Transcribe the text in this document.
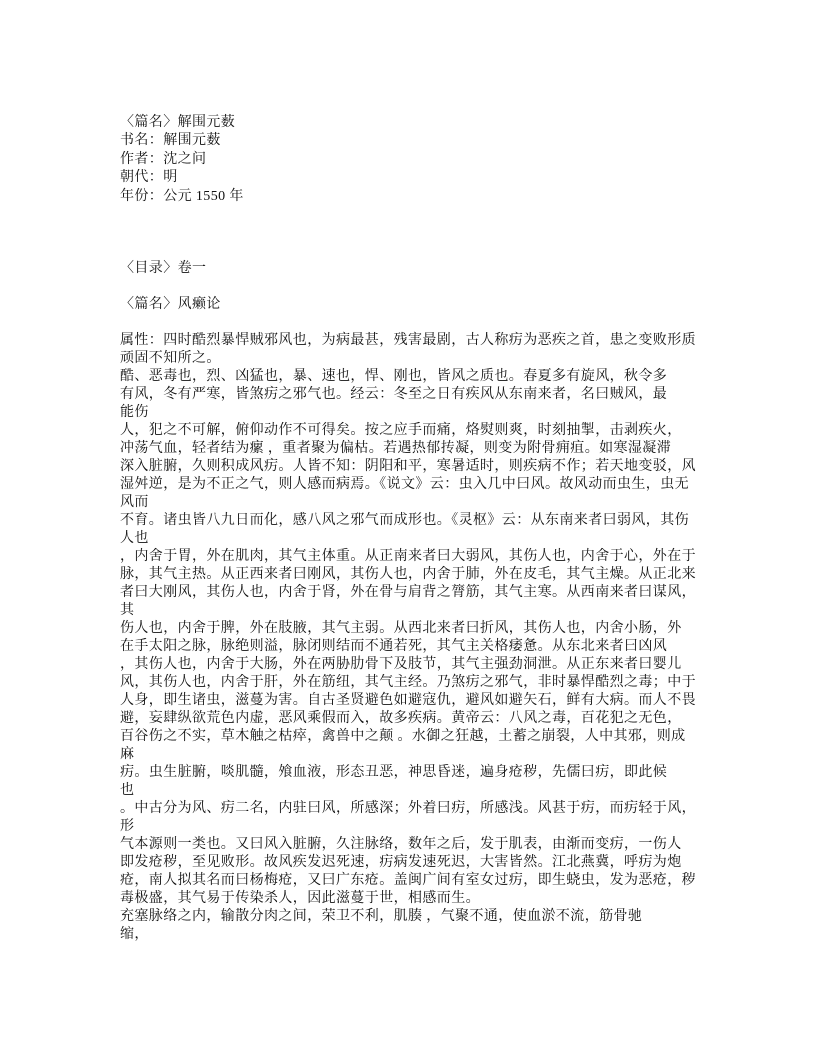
〈篇名〉解围元薮
书名：解围元薮
作者：沈之问
朝代：明
年份：公元 1550 年
〈目录〉卷一
〈篇名〉风癞论
属性：四时酷烈暴悍贼邪风也，为病最甚，残害最剧，古人称疠为恶疾之首，患之变败形质
顽固不知所之。
酷、恶毒也，烈、凶猛也，暴、速也，悍、刚也，皆风之质也。春夏多有旋风，秋令多
有风，冬有严寒，皆煞疠之邪气也。经云：冬至之日有疾风从东南来者，名曰贼风，最
能伤
人，犯之不可解，俯仰动作不可得矣。按之应手而痛，烙熨则爽，时刻抽掣，击剥疾火，
冲荡气血，轻者结为瘰 ，重者聚为偏枯。若遇热郁抟凝，则变为附骨痈疽。如寒湿凝滞
深入脏腑，久则积成风疠。人皆不知：阴阳和平，寒暑适时，则疾病不作；若天地变驳，风
湿舛逆，是为不正之气，则人感而病焉。《说文》云：虫入几中曰风。故风动而虫生，虫无
风而
不育。诸虫皆八九日而化，感八风之邪气而成形也。《灵枢》云：从东南来者曰弱风，其伤
人也
，内舍于胃，外在肌肉，其气主体重。从正南来者曰大弱风，其伤人也，内舍于心，外在于
脉，其气主热。从正西来者曰刚风，其伤人也，内舍于肺，外在皮毛，其气主燥。从正北来
者曰大刚风，其伤人也，内舍于肾，外在骨与肩背之膂筋，其气主寒。从西南来者曰谋风，
其
伤人也，内舍于脾，外在肢腋，其气主弱。从西北来者曰折风，其伤人也，内舍小肠，外
在手太阳之脉，脉绝则溢，脉闭则结而不通若死，其气主关格痿惫。从东北来者曰凶风
，其伤人也，内舍于大肠，外在两胁肋骨下及肢节，其气主强劲洞泄。从正东来者曰婴儿
风，其伤人也，内舍于肝，外在筋纽，其气主经。乃煞疠之邪气，非时暴悍酷烈之毒；中于
人身，即生诸虫，滋蔓为害。自古圣贤避色如避寇仇，避风如避矢石，鲜有大病。而人不畏
避，妄肆纵欲荒色内虚，恶风乘假而入，故多疾病。黄帝云：八风之毒，百花犯之无色，
百谷伤之不实，草木触之枯瘁，禽兽中之颠 。水御之狂越，土蓄之崩裂，人中其邪，则成
麻
疠。虫生脏腑，啖肌髓，飧血液，形态丑恶，神思昏迷，遍身疮秽，先儒曰疠，即此候
也
。中古分为风、疠二名，内驻曰风，所感深；外着曰疠，所感浅。风甚于疠，而疠轻于风，
形
气本源则一类也。又曰风入脏腑，久注脉络，数年之后，发于肌表，由渐而变疠，一伤人
即发疮秽，至见败形。故风疾发迟死速，疠病发速死迟，大害皆然。江北燕冀，呼疠为炮
疮，南人拟其名而曰杨梅疮，又曰广东疮。盖闽广间有室女过疠，即生蛲虫，发为恶疮，秽
毒极盛，其气易于传染杀人，因此滋蔓于世，相感而生。
充塞脉络之内，输散分肉之间，荣卫不利，肌腠 ，气聚不通，使血淤不流，筋骨驰
缩，
